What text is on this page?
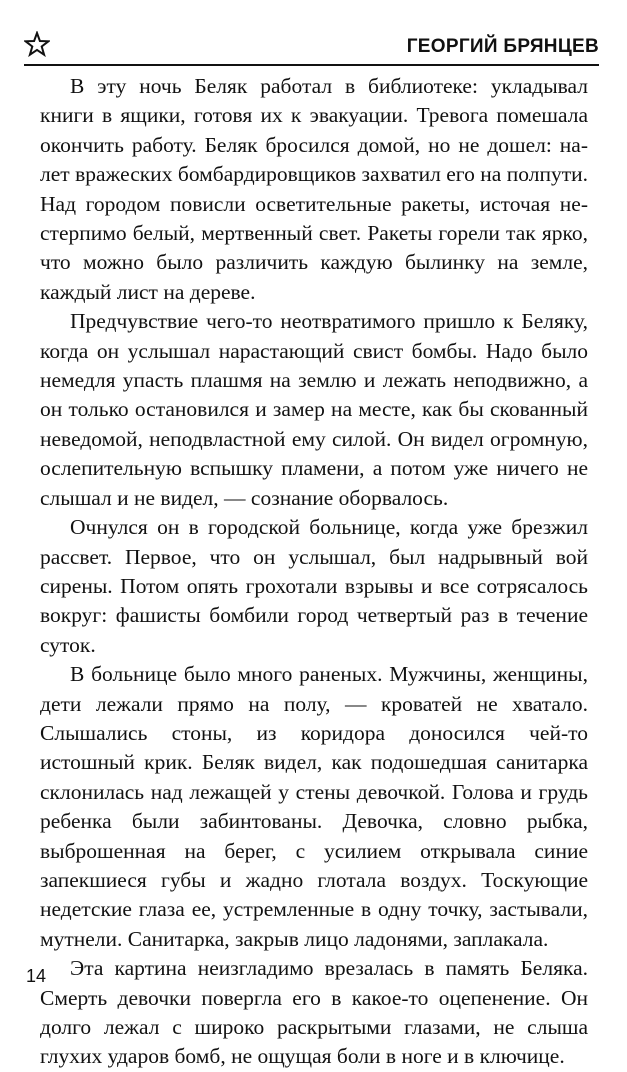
ГЕОРГИЙ БРЯНЦЕВ

В эту ночь Беляк работал в библиотеке: укладывал книги в ящики, готовя их к эвакуации. Тревога помешала окончить работу. Беляк бросился домой, но не дошел: налет вражеских бомбардировщиков захватил его на полпути. Над городом повисли осветительные ракеты, источая нестерпимо белый, мертвенный свет. Ракеты горели так ярко, что можно было различить каждую былинку на земле, каждый лист на дереве.

Предчувствие чего-то неотвратимого пришло к Беляку, когда он услышал нарастающий свист бомбы. Надо было немедля упасть плашмя на землю и лежать неподвижно, а он только остановился и замер на месте, как бы скованный неведомой, неподвластной ему силой. Он видел огромную, ослепительную вспышку пламени, а потом уже ничего не слышал и не видел, — сознание оборвалось.

Очнулся он в городской больнице, когда уже брезжил рассвет. Первое, что он услышал, был надрывный вой сирены. Потом опять грохотали взрывы и все сотрясалось вокруг: фашисты бомбили город четвертый раз в течение суток.

В больнице было много раненых. Мужчины, женщины, дети лежали прямо на полу, — кроватей не хватало. Слышались стоны, из коридора доносился чей-то истошный крик. Беляк видел, как подошедшая санитарка склонилась над лежащей у стены девочкой. Голова и грудь ребенка были забинтованы. Девочка, словно рыбка, выброшенная на берег, с усилием открывала синие запекшиеся губы и жадно глотала воздух. Тоскующие недетские глаза ее, устремленные в одну точку, застывали, мутнели. Санитарка, закрыв лицо ладонями, заплакала.

Эта картина неизгладимо врезалась в память Беляка. Смерть девочки повергла его в какое-то оцепенение. Он долго лежал с широко раскрытыми глазами, не слыша глухих ударов бомб, не ощущая боли в ноге и в ключице.

14
